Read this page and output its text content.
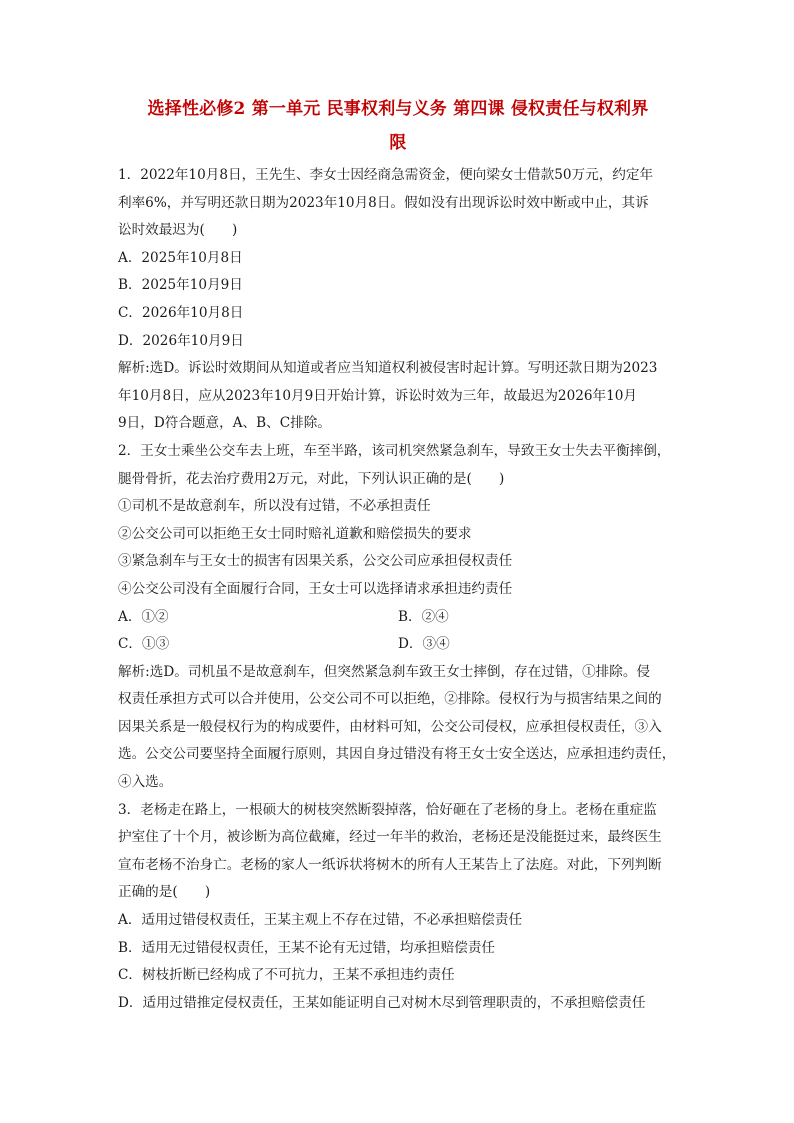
选择性必修2 第一单元 民事权利与义务 第四课 侵权责任与权利界
限
1．2022年10月8日，王先生、李女士因经商急需资金，便向梁女士借款50万元，约定年
利率6%，并写明还款日期为2023年10月8日。假如没有出现诉讼时效中断或中止，其诉
讼时效最迟为(　　)

A．2025年10月8日

B．2025年10月9日

C．2026年10月8日

D．2026年10月9日

解析:选D。诉讼时效期间从知道或者应当知道权利被侵害时起计算。写明还款日期为2023
年10月8日，应从2023年10月9日开始计算，诉讼时效为三年，故最迟为2026年10月
9日，D符合题意，A、B、C排除。
2．王女士乘坐公交车去上班，车至半路，该司机突然紧急刹车，导致王女士失去平衡摔倒，
腿骨骨折，花去治疗费用2万元，对此，下列认识正确的是(　　)

①司机不是故意刹车，所以没有过错，不必承担责任

②公交公司可以拒绝王女士同时赔礼道歉和赔偿损失的要求

③紧急刹车与王女士的损害有因果关系，公交公司应承担侵权责任

④公交公司没有全面履行合同，王女士可以选择请求承担违约责任

A．①②	B．②④
C．①③	D．③④
解析:选D。司机虽不是故意刹车，但突然紧急刹车致王女士摔倒，存在过错，①排除。侵
权责任承担方式可以合并使用，公交公司不可以拒绝，②排除。侵权行为与损害结果之间的
因果关系是一般侵权行为的构成要件，由材料可知，公交公司侵权，应承担侵权责任，③入
选。公交公司要坚持全面履行原则，其因自身过错没有将王女士安全送达，应承担违约责任，
④入选。
3．老杨走在路上，一根硕大的树枝突然断裂掉落，恰好砸在了老杨的身上。老杨在重症监
护室住了十个月，被诊断为高位截瘫，经过一年半的救治，老杨还是没能挺过来，最终医生
宣布老杨不治身亡。老杨的家人一纸诉状将树木的所有人王某告上了法庭。对此，下列判断
正确的是(　　)

A．适用过错侵权责任，王某主观上不存在过错，不必承担赔偿责任

B．适用无过错侵权责任，王某不论有无过错，均承担赔偿责任

C．树枝折断已经构成了不可抗力，王某不承担违约责任

D．适用过错推定侵权责任，王某如能证明自己对树木尽到管理职责的，不承担赔偿责任
